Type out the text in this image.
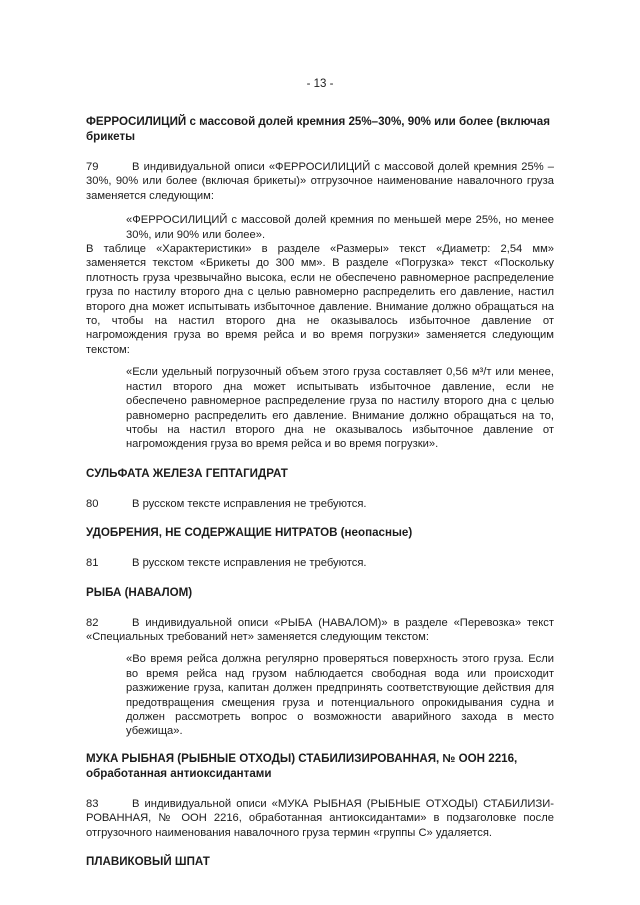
- 13 -
ФЕРРОСИЛИЦИЙ с массовой долей кремния 25%–30%, 90% или более (включая брикеты
79	В индивидуальной описи «ФЕРРОСИЛИЦИЙ с массовой долей кремния 25% – 30%, 90% или более (включая брикеты)» отгрузочное наименование навалочного груза заменяется следующим:
«ФЕРРОСИЛИЦИЙ с массовой долей кремния по меньшей мере 25%, но менее 30%, или 90% или более».
В таблице «Характеристики» в разделе «Размеры» текст «Диаметр: 2,54 мм» заменяется текстом «Брикеты до 300 мм». В разделе «Погрузка» текст «Поскольку плотность груза чрезвычайно высока, если не обеспечено равномерное распределение груза по настилу второго дна с целью равномерно распределить его давление, настил второго дна может испытывать избыточное давление. Внимание должно обращаться на то, чтобы на настил второго дна не оказывалось избыточное давление от нагромождения груза во время рейса и во время погрузки» заменяется следующим текстом:
«Если удельный погрузочный объем этого груза составляет 0,56 м³/т или менее, настил второго дна может испытывать избыточное давление, если не обеспечено равномерное распределение груза по настилу второго дна с целью равномерно распределить его давление. Внимание должно обращаться на то, чтобы на настил второго дна не оказывалось избыточное давление от нагромождения груза во время рейса и во время погрузки».
СУЛЬФАТА ЖЕЛЕЗА ГЕПТАГИДРАТ
80	В русском тексте исправления не требуются.
УДОБРЕНИЯ, НЕ СОДЕРЖАЩИЕ НИТРАТОВ (неопасные)
81	В русском тексте исправления не требуются.
РЫБА (НАВАЛОМ)
82	В индивидуальной описи «РЫБА (НАВАЛОМ)» в разделе «Перевозка» текст «Специальных требований нет» заменяется следующим текстом:
«Во время рейса должна регулярно проверяться поверхность этого груза. Если во время рейса над грузом наблюдается свободная вода или происходит разжижение груза, капитан должен предпринять соответствующие действия для предотвращения смещения груза и потенциального опрокидывания судна и должен рассмотреть вопрос о возможности аварийного захода в место убежища».
МУКА РЫБНАЯ (РЫБНЫЕ ОТХОДЫ) СТАБИЛИЗИРОВАННАЯ, № ООН 2216, обработанная антиоксидантами
83	В индивидуальной описи «МУКА РЫБНАЯ (РЫБНЫЕ ОТХОДЫ) СТАБИЛИЗИ-РОВАННАЯ, № ООН 2216, обработанная антиоксидантами» в подзаголовке после отгрузочного наименования навалочного груза термин «группы С» удаляется.
ПЛАВИКОВЫЙ ШПАТ
